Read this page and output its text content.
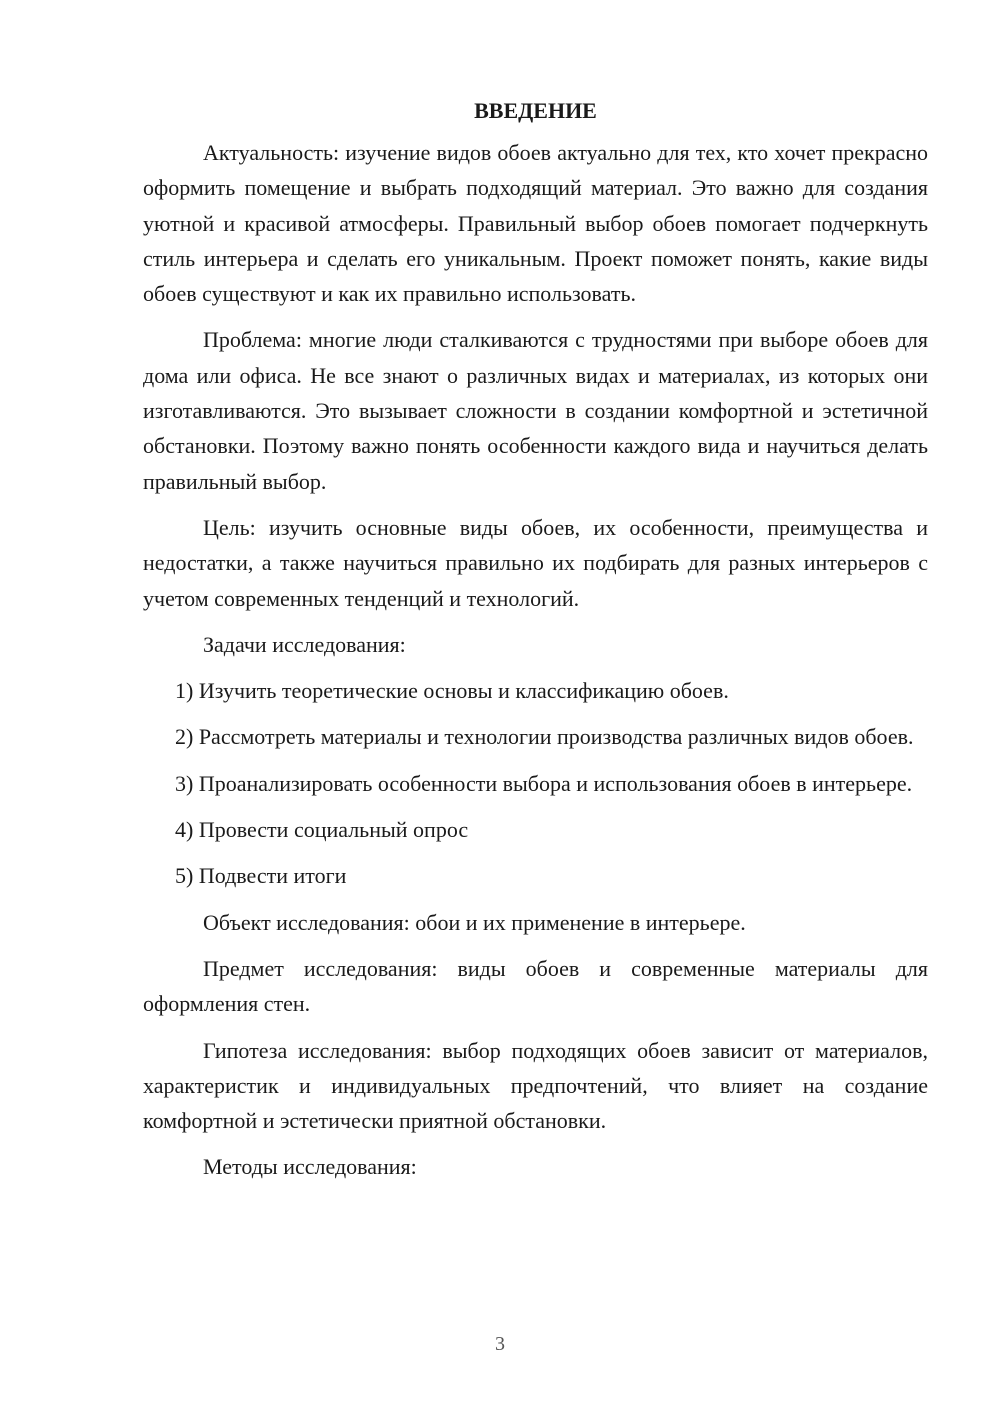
ВВЕДЕНИЕ

Актуальность: изучение видов обоев актуально для тех, кто хочет прекрасно оформить помещение и выбрать подходящий материал. Это важно для создания уютной и красивой атмосферы. Правильный выбор обоев помогает подчеркнуть стиль интерьера и сделать его уникальным. Проект поможет понять, какие виды обоев существуют и как их правильно использовать.

Проблема: многие люди сталкиваются с трудностями при выборе обоев для дома или офиса. Не все знают о различных видах и материалах, из которых они изготавливаются. Это вызывает сложности в создании комфортной и эстетичной обстановки. Поэтому важно понять особенности каждого вида и научиться делать правильный выбор.

Цель: изучить основные виды обоев, их особенности, преимущества и недостатки, а также научиться правильно их подбирать для разных интерьеров с учетом современных тенденций и технологий.

Задачи исследования:

1) Изучить теоретические основы и классификацию обоев.

2) Рассмотреть материалы и технологии производства различных видов обоев.

3) Проанализировать особенности выбора и использования обоев в интерьере.

4) Провести социальный опрос

5) Подвести итоги

Объект исследования: обои и их применение в интерьере.

Предмет исследования: виды обоев и современные материалы для оформления стен.

Гипотеза исследования: выбор подходящих обоев зависит от материалов, характеристик и индивидуальных предпочтений, что влияет на создание комфортной и эстетически приятной обстановки.

Методы исследования:

3
